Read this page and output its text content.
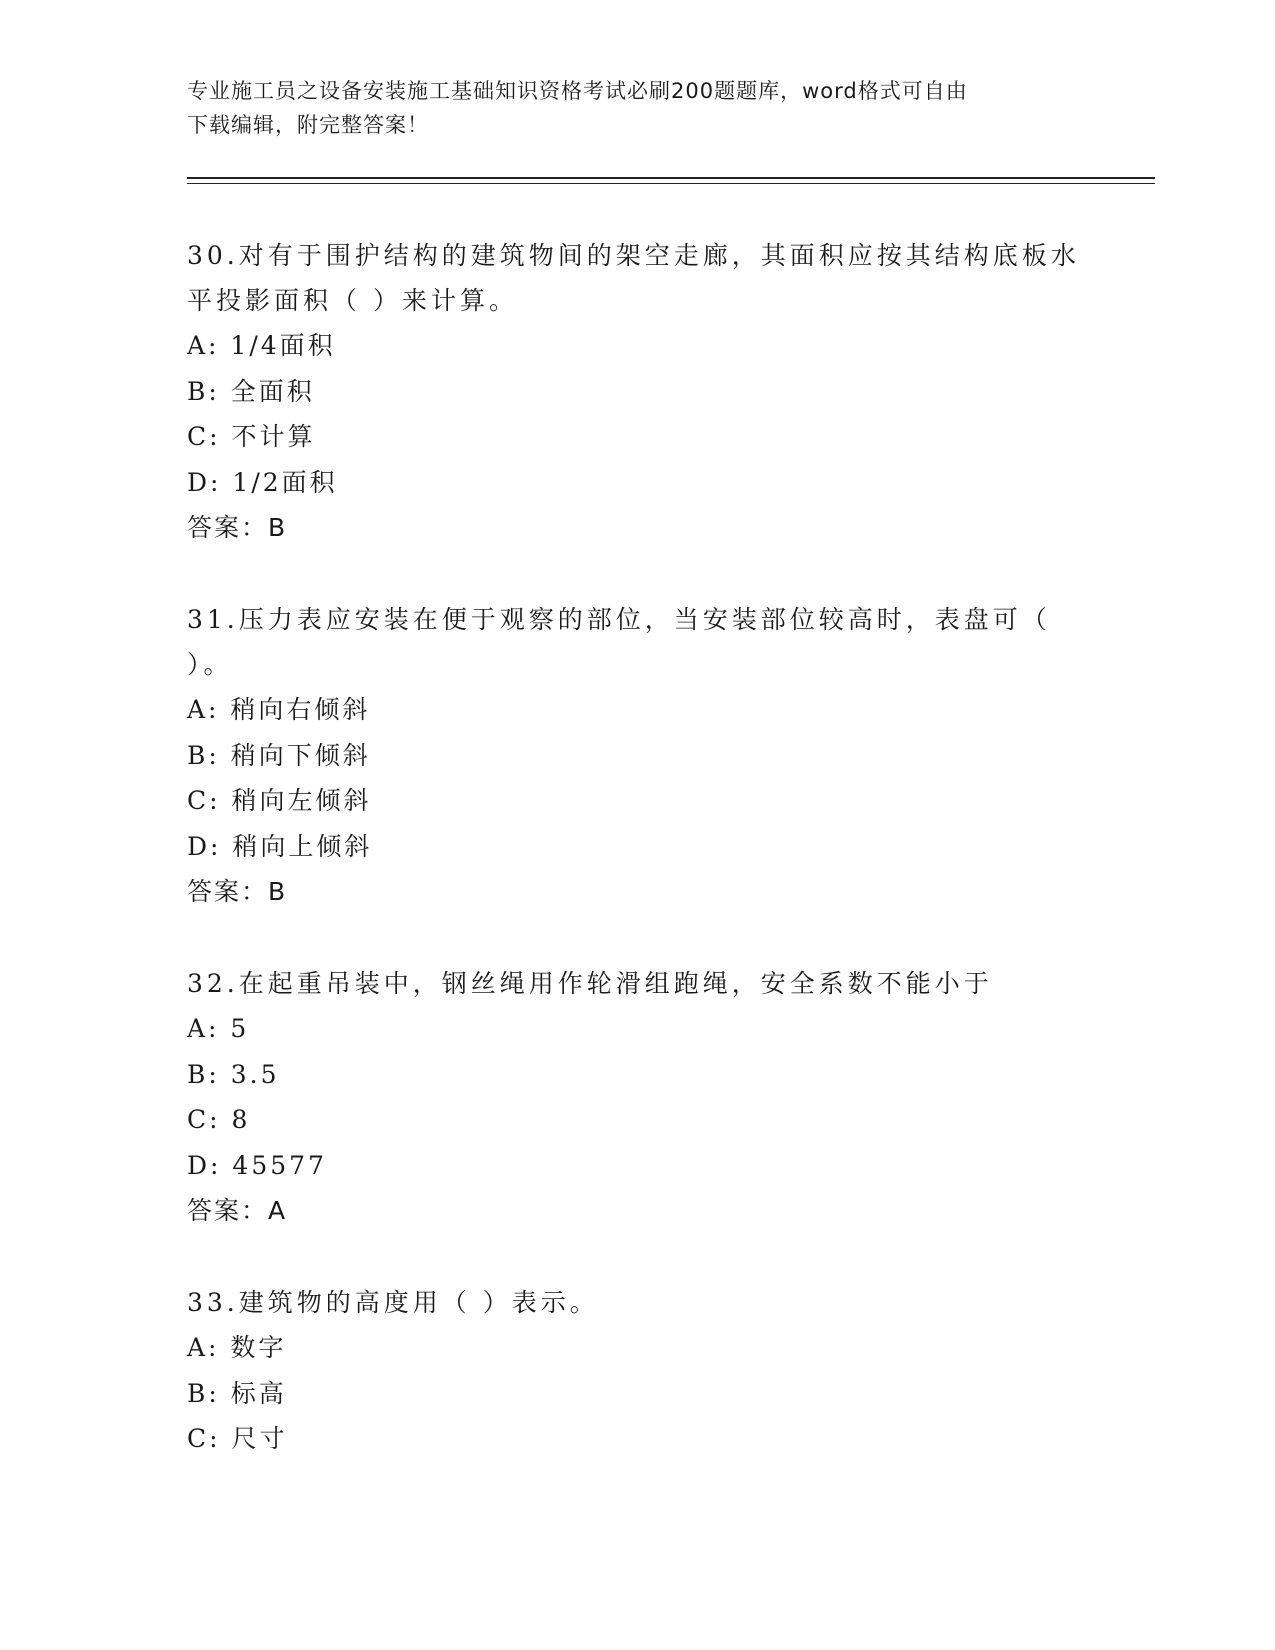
专业施工员之设备安装施工基础知识资格考试必刷200题题库，word格式可自由
下载编辑，附完整答案！

30.对有于围护结构的建筑物间的架空走廊，其面积应按其结构底板水

平投影面积（ ）来计算。

A: 1/4面积

B: 全面积

C: 不计算

D: 1/2面积

答案：B

31.压力表应安装在便于观察的部位，当安装部位较高时，表盘可（

）。

A: 稍向右倾斜

B: 稍向下倾斜

C: 稍向左倾斜

D: 稍向上倾斜

答案：B

32.在起重吊装中，钢丝绳用作轮滑组跑绳，安全系数不能小于

A: 5

B: 3.5

C: 8

D: 45577

答案：A

33.建筑物的高度用（ ）表示。

A: 数字

B: 标高

C: 尺寸
